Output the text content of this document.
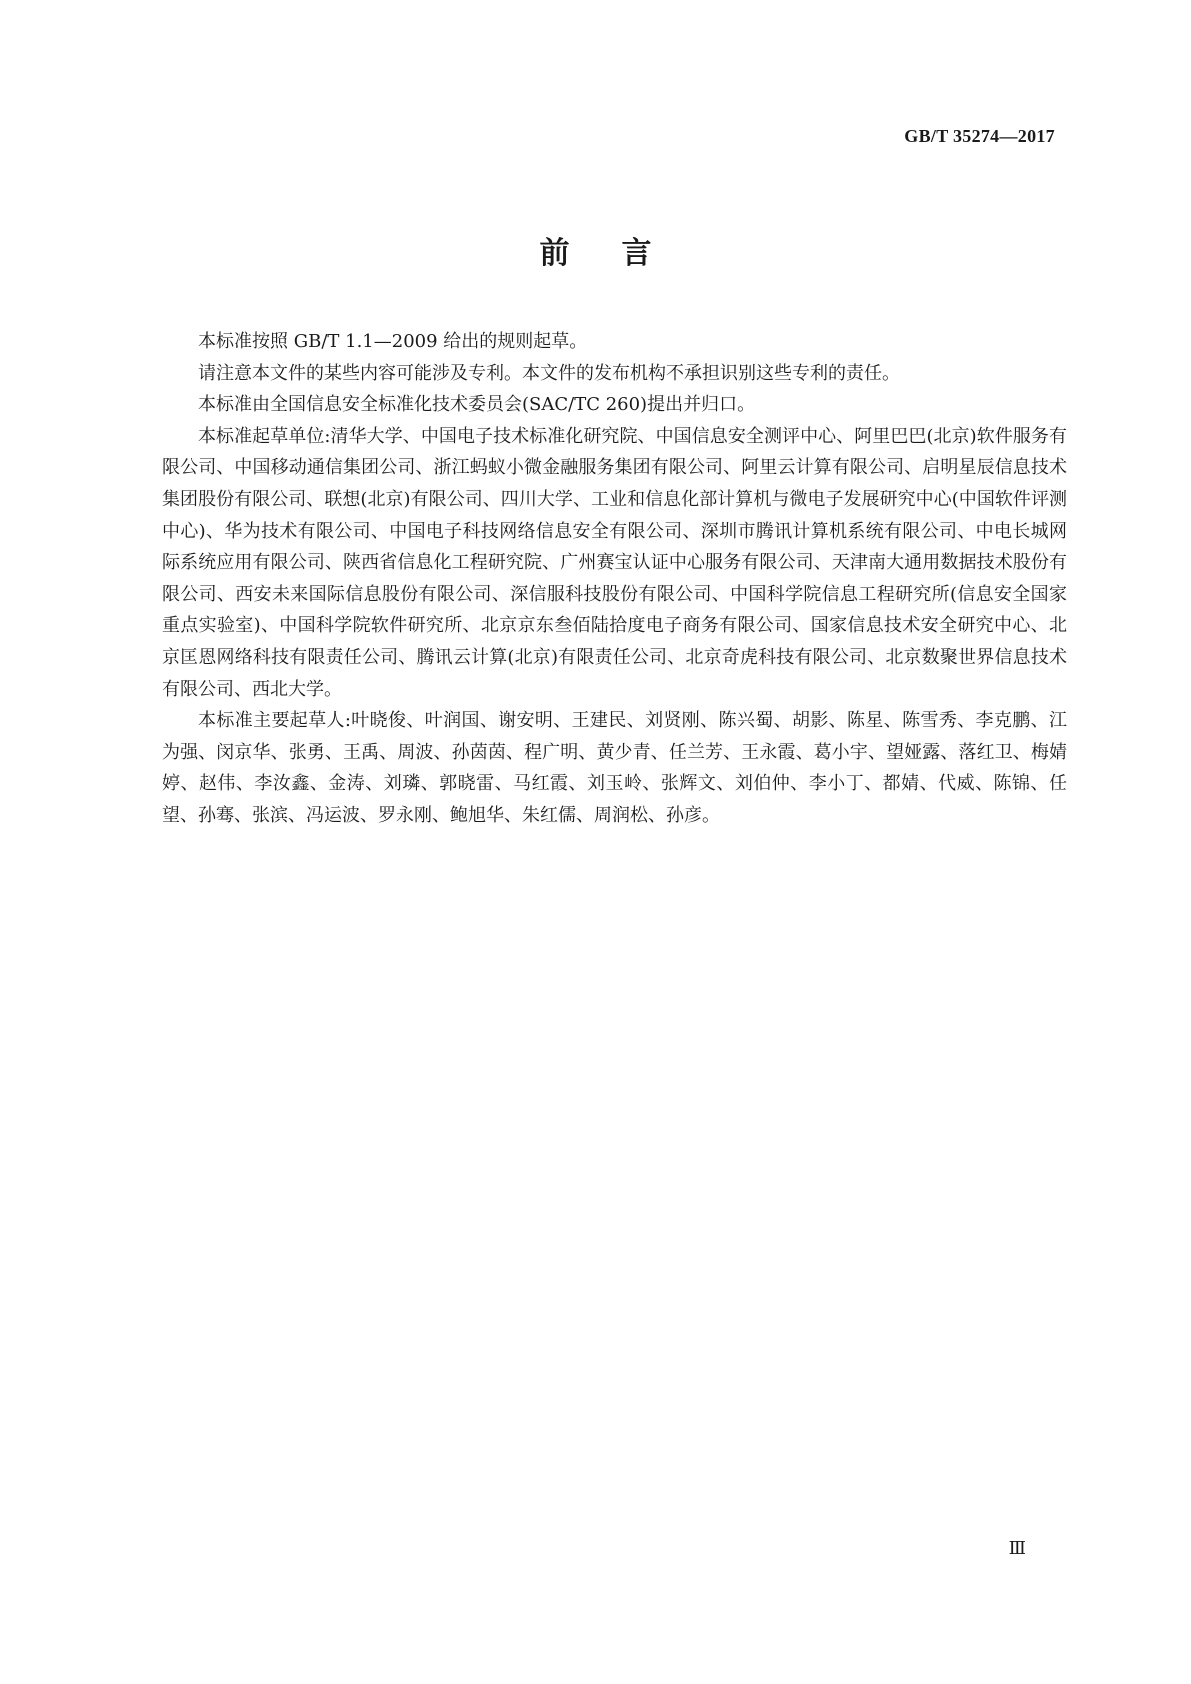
GB/T 35274—2017
前言

本标准按照 GB/T 1.1—2009 给出的规则起草。

请注意本文件的某些内容可能涉及专利。本文件的发布机构不承担识别这些专利的责任。

本标准由全国信息安全标准化技术委员会(SAC/TC 260)提出并归口。

本标准起草单位:清华大学、中国电子技术标准化研究院、中国信息安全测评中心、阿里巴巴(北京)软件服务有限公司、中国移动通信集团公司、浙江蚂蚁小微金融服务集团有限公司、阿里云计算有限公司、启明星辰信息技术集团股份有限公司、联想(北京)有限公司、四川大学、工业和信息化部计算机与微电子发展研究中心(中国软件评测中心)、华为技术有限公司、中国电子科技网络信息安全有限公司、深圳市腾讯计算机系统有限公司、中电长城网际系统应用有限公司、陕西省信息化工程研究院、广州赛宝认证中心服务有限公司、天津南大通用数据技术股份有限公司、西安未来国际信息股份有限公司、深信服科技股份有限公司、中国科学院信息工程研究所(信息安全国家重点实验室)、中国科学院软件研究所、北京京东叁佰陆拾度电子商务有限公司、国家信息技术安全研究中心、北京匡恩网络科技有限责任公司、腾讯云计算(北京)有限责任公司、北京奇虎科技有限公司、北京数聚世界信息技术有限公司、西北大学。

本标准主要起草人:叶晓俊、叶润国、谢安明、王建民、刘贤刚、陈兴蜀、胡影、陈星、陈雪秀、李克鹏、江为强、闵京华、张勇、王禹、周波、孙茵茵、程广明、黄少青、任兰芳、王永霞、葛小宇、望娅露、落红卫、梅婧婷、赵伟、李汝鑫、金涛、刘璘、郭晓雷、马红霞、刘玉岭、张辉文、刘伯仲、李小丁、都婧、代威、陈锦、任望、孙骞、张滨、冯运波、罗永刚、鲍旭华、朱红儒、周润松、孙彦。

Ⅲ
